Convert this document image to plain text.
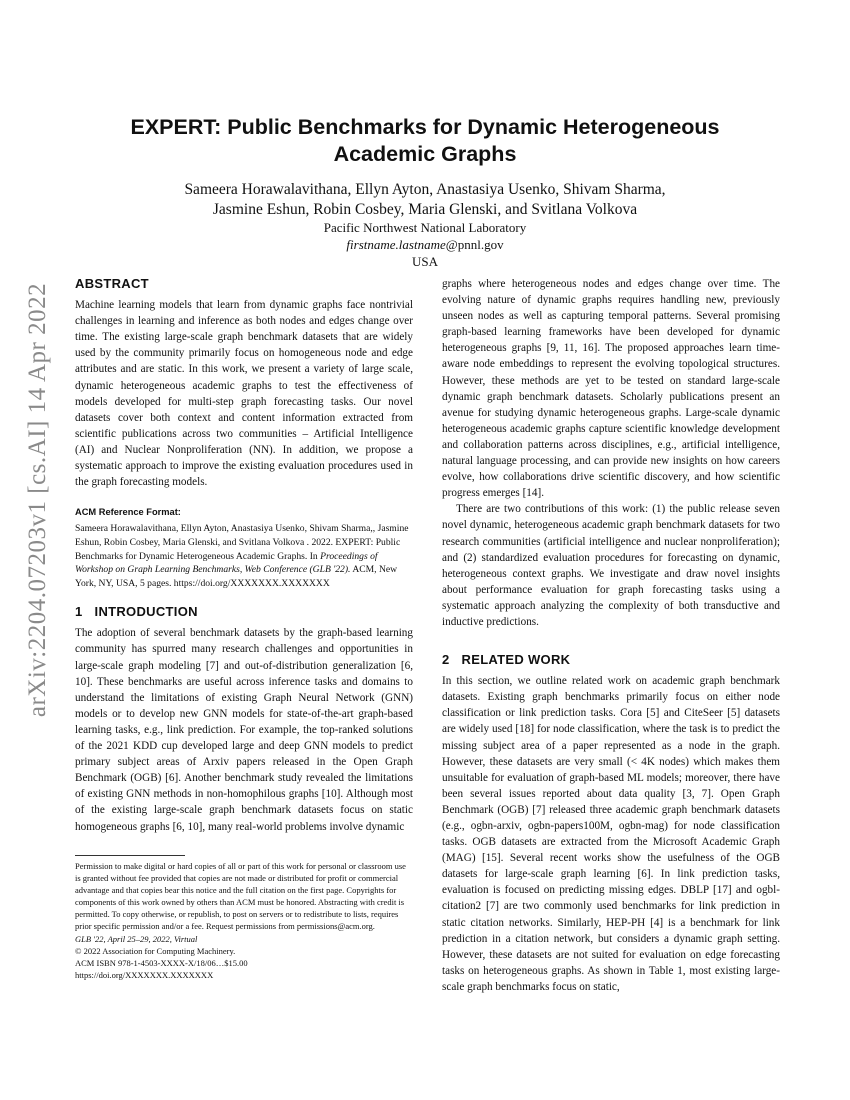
arXiv:2204.07203v1 [cs.AI] 14 Apr 2022
EXPERT: Public Benchmarks for Dynamic Heterogeneous Academic Graphs
Sameera Horawalavithana, Ellyn Ayton, Anastasiya Usenko, Shivam Sharma,
Jasmine Eshun, Robin Cosbey, Maria Glenski, and Svitlana Volkova
Pacific Northwest National Laboratory
firstname.lastname@pnnl.gov
USA
ABSTRACT

Machine learning models that learn from dynamic graphs face nontrivial challenges in learning and inference as both nodes and edges change over time. The existing large-scale graph benchmark datasets that are widely used by the community primarily focus on homogeneous node and edge attributes and are static. In this work, we present a variety of large scale, dynamic heterogeneous academic graphs to test the effectiveness of models developed for multi-step graph forecasting tasks. Our novel datasets cover both context and content information extracted from scientific publications across two communities – Artificial Intelligence (AI) and Nuclear Nonproliferation (NN). In addition, we propose a systematic approach to improve the existing evaluation procedures used in the graph forecasting models.

ACM Reference Format:

Sameera Horawalavithana, Ellyn Ayton, Anastasiya Usenko, Shivam Sharma,, Jasmine Eshun, Robin Cosbey, Maria Glenski, and Svitlana Volkova . 2022. EXPERT: Public Benchmarks for Dynamic Heterogeneous Academic Graphs. In Proceedings of Workshop on Graph Learning Benchmarks, Web Conference (GLB '22). ACM, New York, NY, USA, 5 pages. https://doi.org/XXXXXXX.XXXXXXX

1 INTRODUCTION

The adoption of several benchmark datasets by the graph-based learning community has spurred many research challenges and opportunities in large-scale graph modeling [7] and out-of-distribution generalization [6, 10]. These benchmarks are useful across inference tasks and domains to understand the limitations of existing Graph Neural Network (GNN) models or to develop new GNN models for state-of-the-art graph-based learning tasks, e.g., link prediction. For example, the top-ranked solutions of the 2021 KDD cup developed large and deep GNN models to predict primary subject areas of Arxiv papers released in the Open Graph Benchmark (OGB) [6]. Another benchmark study revealed the limitations of existing GNN methods in non-homophilous graphs [10]. Although most of the existing large-scale graph benchmark datasets focus on static homogeneous graphs [6, 10], many real-world problems involve dynamic

Permission to make digital or hard copies of all or part of this work for personal or classroom use is granted without fee provided that copies are not made or distributed for profit or commercial advantage and that copies bear this notice and the full citation on the first page. Copyrights for components of this work owned by others than ACM must be honored. Abstracting with credit is permitted. To copy otherwise, or republish, to post on servers or to redistribute to lists, requires prior specific permission and/or a fee. Request permissions from permissions@acm.org.

GLB '22, April 25–29, 2022, Virtual

© 2022 Association for Computing Machinery.

ACM ISBN 978-1-4503-XXXX-X/18/06…$15.00

https://doi.org/XXXXXXX.XXXXXXX

graphs where heterogeneous nodes and edges change over time. The evolving nature of dynamic graphs requires handling new, previously unseen nodes as well as capturing temporal patterns. Several promising graph-based learning frameworks have been developed for dynamic heterogeneous graphs [9, 11, 16]. The proposed approaches learn time-aware node embeddings to represent the evolving topological structures. However, these methods are yet to be tested on standard large-scale dynamic graph benchmark datasets. Scholarly publications present an avenue for studying dynamic heterogeneous graphs. Large-scale dynamic heterogeneous academic graphs capture scientific knowledge development and collaboration patterns across disciplines, e.g., artificial intelligence, natural language processing, and can provide new insights on how careers evolve, how collaborations drive scientific discovery, and how scientific progress emerges [14].

There are two contributions of this work: (1) the public release seven novel dynamic, heterogeneous academic graph benchmark datasets for two research communities (artificial intelligence and nuclear nonproliferation); and (2) standardized evaluation procedures for forecasting on dynamic, heterogeneous context graphs. We investigate and draw novel insights about performance evaluation for graph forecasting tasks using a systematic approach analyzing the complexity of both transductive and inductive predictions.

2 RELATED WORK

In this section, we outline related work on academic graph benchmark datasets. Existing graph benchmarks primarily focus on either node classification or link prediction tasks. Cora [5] and CiteSeer [5] datasets are widely used [18] for node classification, where the task is to predict the missing subject area of a paper represented as a node in the graph. However, these datasets are very small (< 4K nodes) which makes them unsuitable for evaluation of graph-based ML models; moreover, there have been several issues reported about data quality [3, 7]. Open Graph Benchmark (OGB) [7] released three academic graph benchmark datasets (e.g., ogbn-arxiv, ogbn-papers100M, ogbn-mag) for node classification tasks. OGB datasets are extracted from the Microsoft Academic Graph (MAG) [15]. Several recent works show the usefulness of the OGB datasets for large-scale graph learning [6]. In link prediction tasks, evaluation is focused on predicting missing edges. DBLP [17] and ogbl-citation2 [7] are two commonly used benchmarks for link prediction in static citation networks. Similarly, HEP-PH [4] is a benchmark for link prediction in a citation network, but considers a dynamic graph setting. However, these datasets are not suited for evaluation on edge forecasting tasks on heterogeneous graphs. As shown in Table 1, most existing large-scale graph benchmarks focus on static,
